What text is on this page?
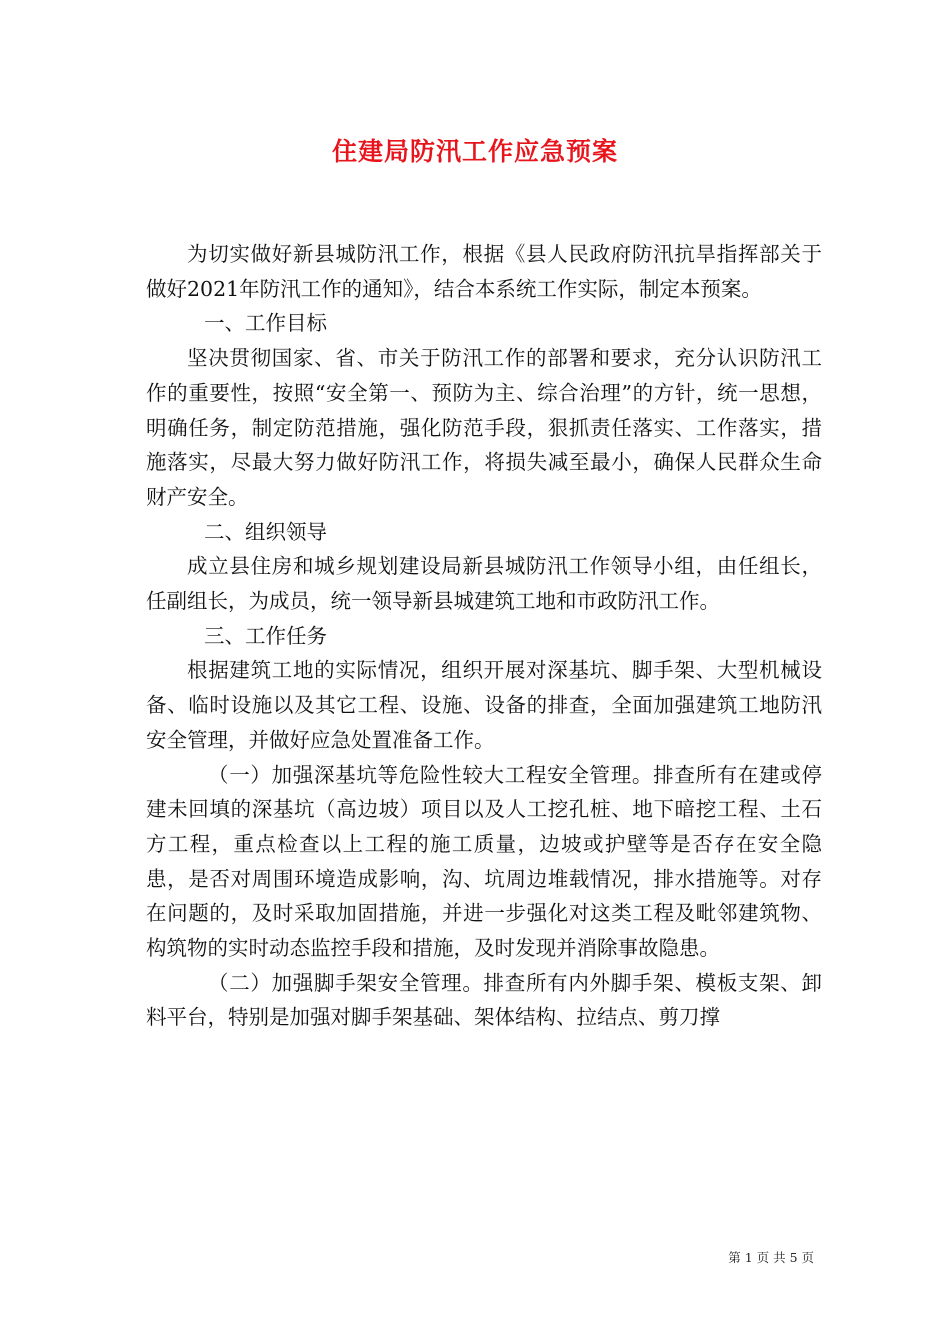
住建局防汛工作应急预案

为切实做好新县城防汛工作，根据《县人民政府防汛抗旱指挥部关于做好2021年防汛工作的通知》，结合本系统工作实际，制定本预案。

一、工作目标

坚决贯彻国家、省、市关于防汛工作的部署和要求，充分认识防汛工作的重要性，按照“安全第一、预防为主、综合治理”的方针，统一思想，明确任务，制定防范措施，强化防范手段，狠抓责任落实、工作落实，措施落实，尽最大努力做好防汛工作，将损失减至最小，确保人民群众生命财产安全。

二、组织领导

成立县住房和城乡规划建设局新县城防汛工作领导小组，由任组长，任副组长，为成员，统一领导新县城建筑工地和市政防汛工作。

三、工作任务

根据建筑工地的实际情况，组织开展对深基坑、脚手架、大型机械设备、临时设施以及其它工程、设施、设备的排查，全面加强建筑工地防汛安全管理，并做好应急处置准备工作。

（一）加强深基坑等危险性较大工程安全管理。排查所有在建或停建未回填的深基坑（高边坡）项目以及人工挖孔桩、地下暗挖工程、土石方工程，重点检查以上工程的施工质量，边坡或护壁等是否存在安全隐患，是否对周围环境造成影响，沟、坑周边堆载情况，排水措施等。对存在问题的，及时采取加固措施，并进一步强化对这类工程及毗邻建筑物、构筑物的实时动态监控手段和措施，及时发现并消除事故隐患。

（二）加强脚手架安全管理。排查所有内外脚手架、模板支架、卸料平台，特别是加强对脚手架基础、架体结构、拉结点、剪刀撑

第 1 页 共 5 页
